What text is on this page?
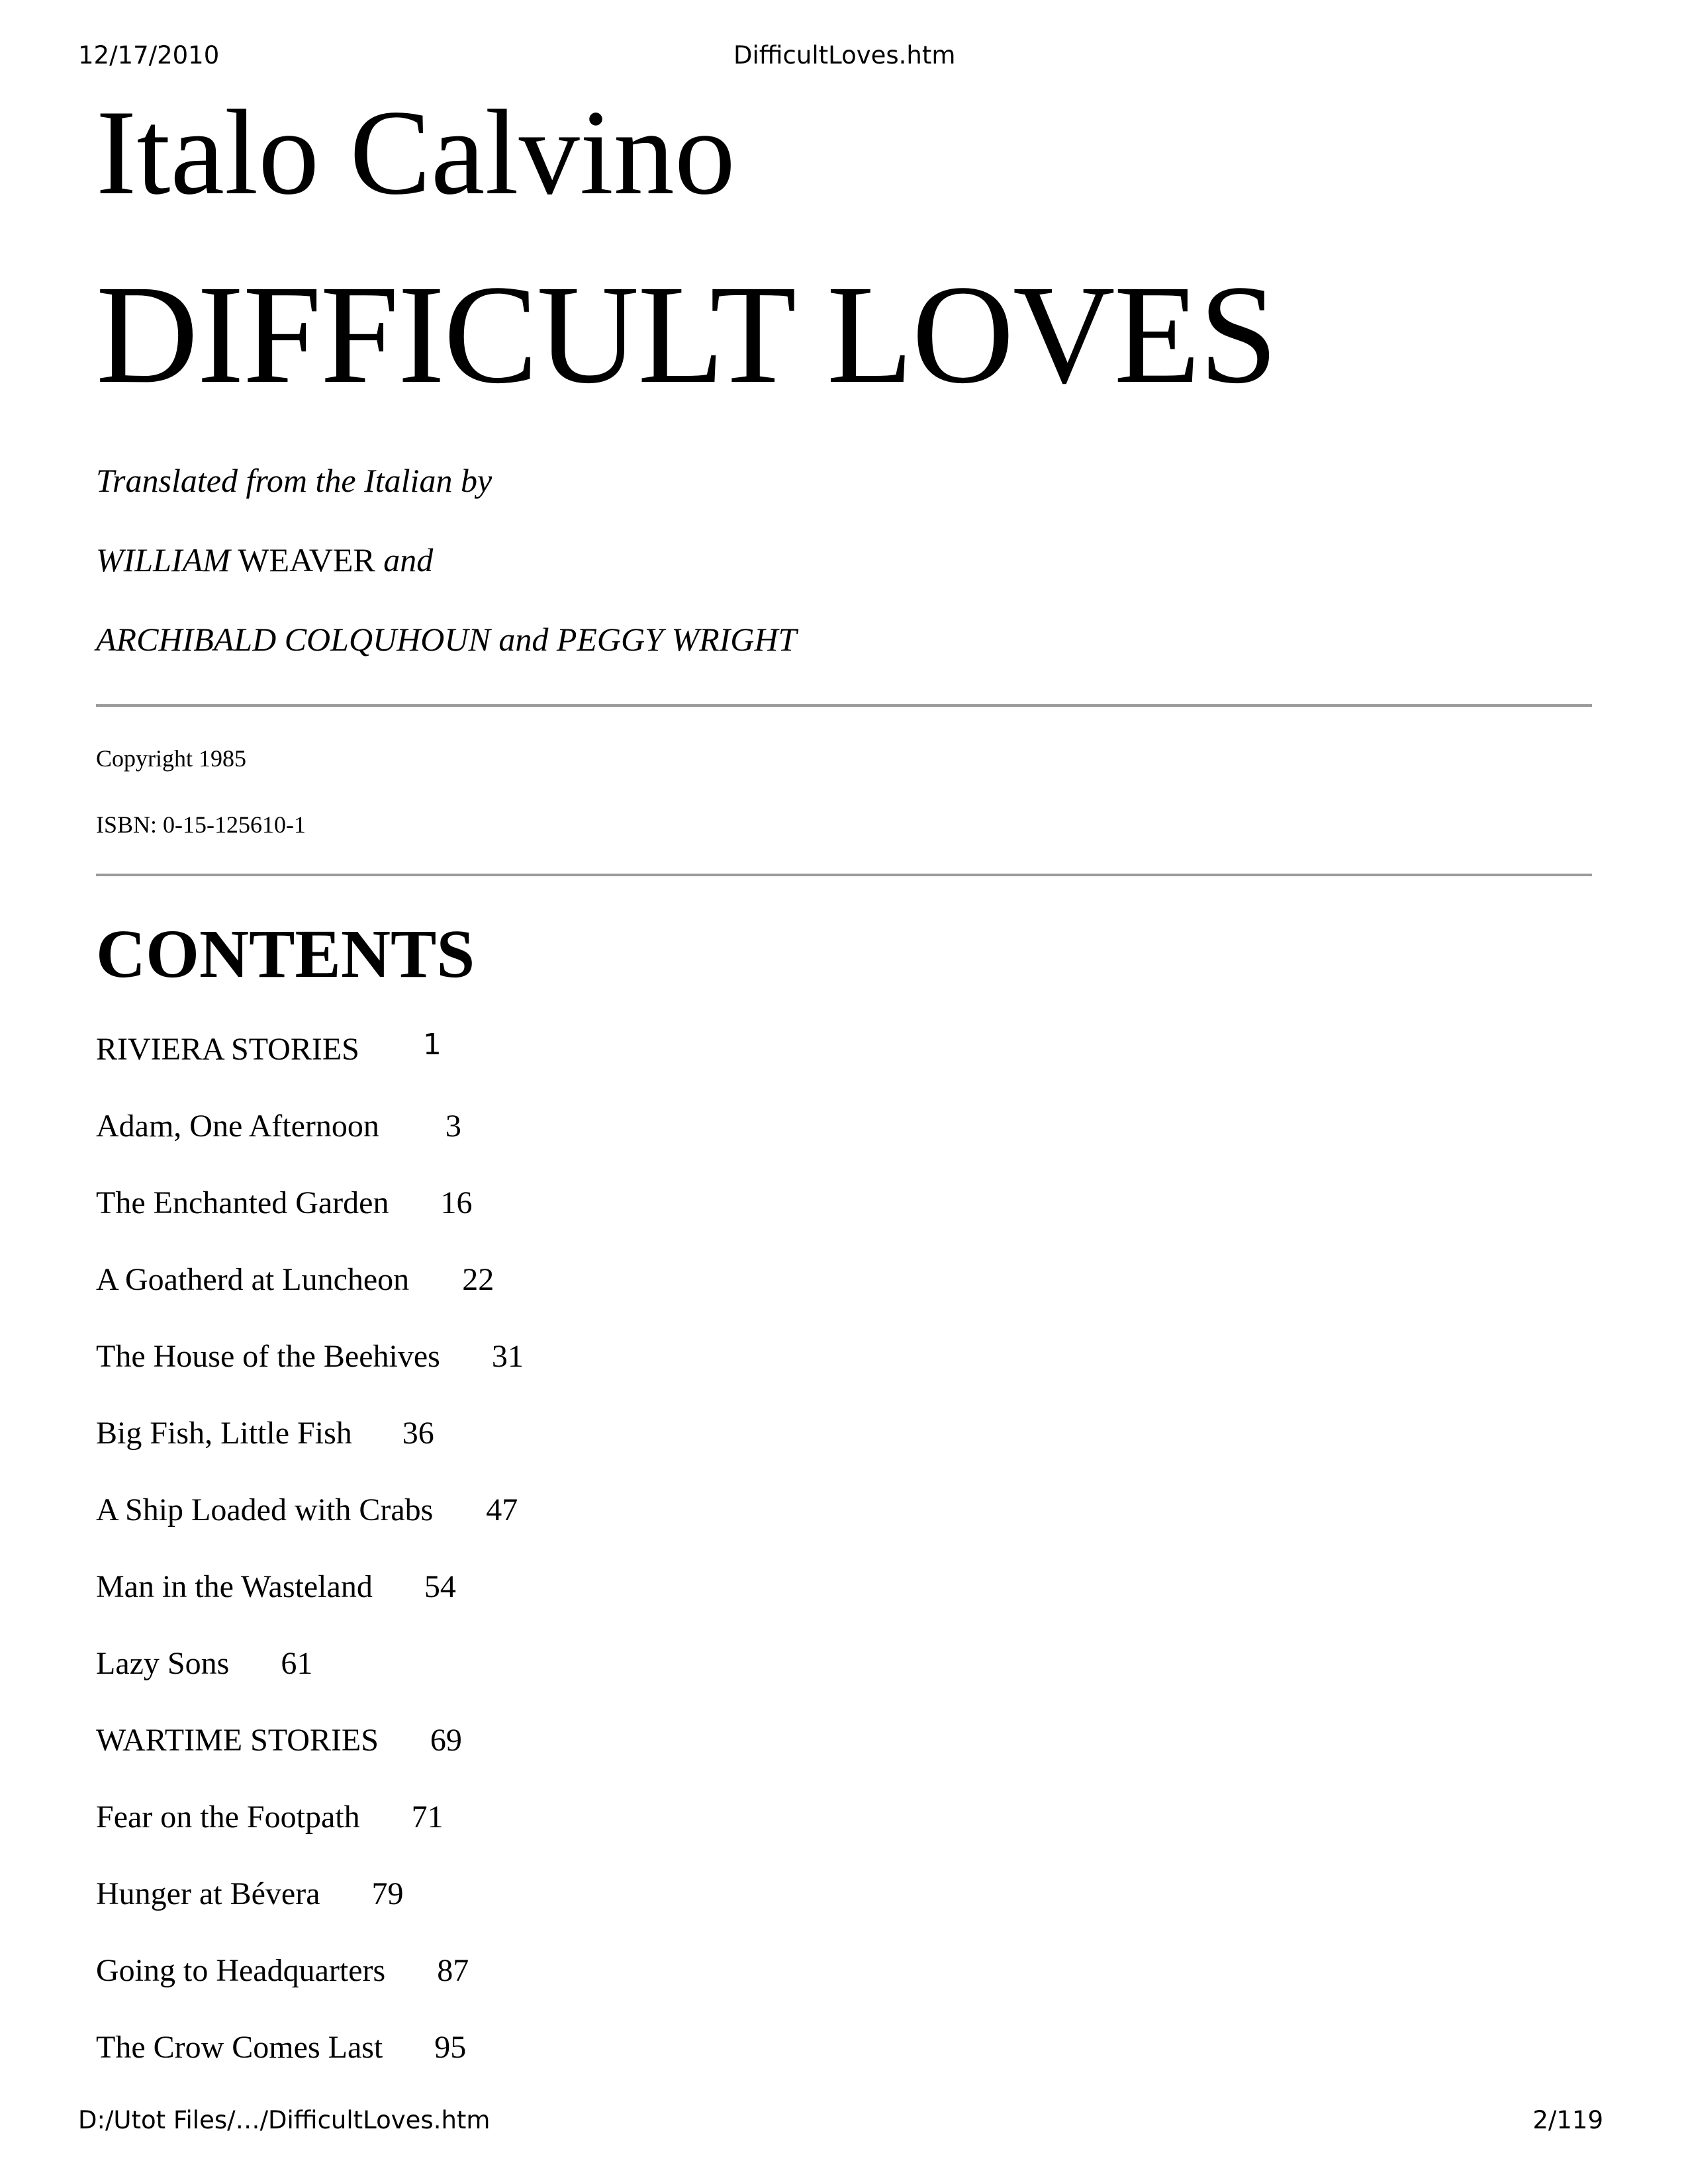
12/17/2010	DifficultLoves.htm
Italo Calvino
DIFFICULT LOVES
Translated from the Italian by
WILLIAM WEAVER and
ARCHIBALD COLQUHOUN and PEGGY WRIGHT
Copyright 1985
ISBN: 0-15-125610-1
CONTENTS
RIVIERA STORIES 1
Adam, One Afternoon 3
The Enchanted Garden 16
A Goatherd at Luncheon 22
The House of the Beehives 31
Big Fish, Little Fish 36
A Ship Loaded with Crabs 47
Man in the Wasteland 54
Lazy Sons 61
WARTIME STORIES 69
Fear on the Footpath 71
Hunger at Bévera 79
Going to Headquarters 87
The Crow Comes Last 95
D:/Utot Files/…/DifficultLoves.htm	2/119
